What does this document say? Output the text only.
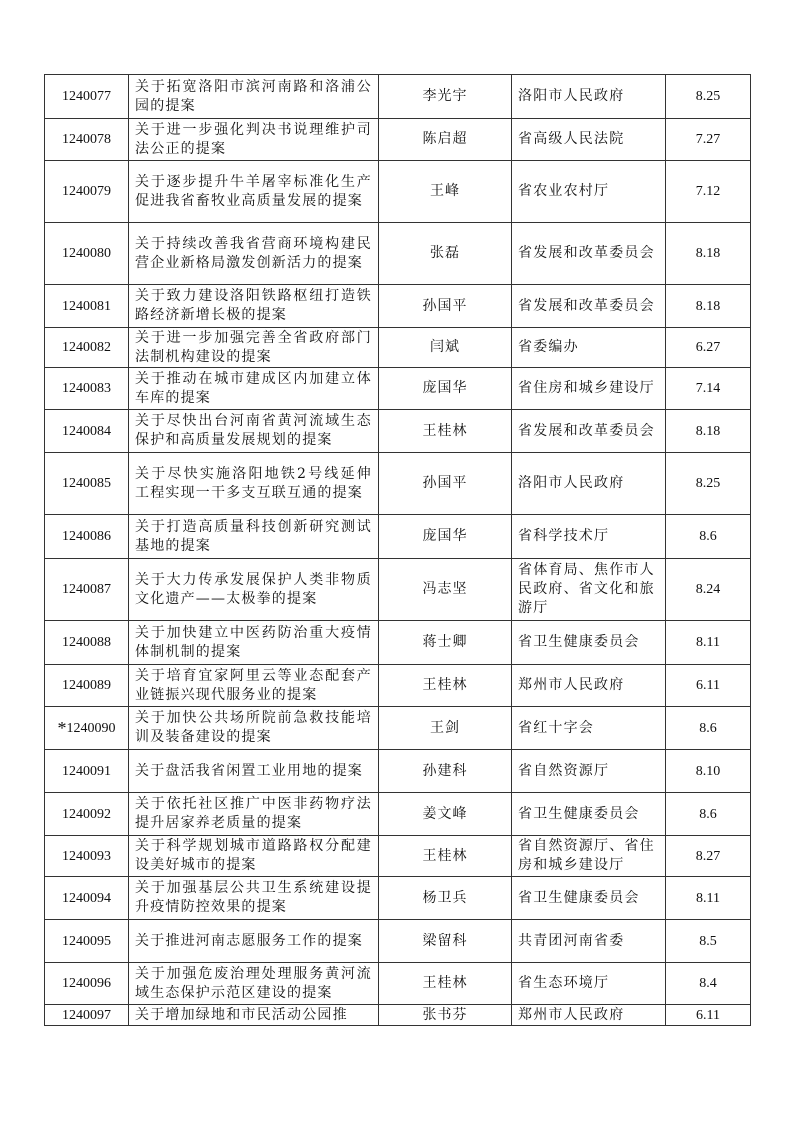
1240077	关于拓宽洛阳市滨河南路和洛浦公园的提案	李光宇	洛阳市人民政府	8.25
1240078	关于进一步强化判决书说理维护司法公正的提案	陈启超	省高级人民法院	7.27
1240079	关于逐步提升牛羊屠宰标准化生产促进我省畜牧业高质量发展的提案	王峰	省农业农村厅	7.12
1240080	关于持续改善我省营商环境构建民营企业新格局激发创新活力的提案	张磊	省发展和改革委员会	8.18
1240081	关于致力建设洛阳铁路枢纽打造铁路经济新增长极的提案	孙国平	省发展和改革委员会	8.18
1240082	关于进一步加强完善全省政府部门法制机构建设的提案	闫斌	省委编办	6.27
1240083	关于推动在城市建成区内加建立体车库的提案	庞国华	省住房和城乡建设厅	7.14
1240084	关于尽快出台河南省黄河流域生态保护和高质量发展规划的提案	王桂林	省发展和改革委员会	8.18
1240085	关于尽快实施洛阳地铁2号线延伸工程实现一干多支互联互通的提案	孙国平	洛阳市人民政府	8.25
1240086	关于打造高质量科技创新研究测试基地的提案	庞国华	省科学技术厅	8.6
1240087	关于大力传承发展保护人类非物质文化遗产——太极拳的提案	冯志坚	省体育局、焦作市人民政府、省文化和旅游厅	8.24
1240088	关于加快建立中医药防治重大疫情体制机制的提案	蒋士卿	省卫生健康委员会	8.11
1240089	关于培育宜家阿里云等业态配套产业链振兴现代服务业的提案	王桂林	郑州市人民政府	6.11
*1240090	关于加快公共场所院前急救技能培训及装备建设的提案	王剑	省红十字会	8.6
1240091	关于盘活我省闲置工业用地的提案	孙建科	省自然资源厅	8.10
1240092	关于依托社区推广中医非药物疗法提升居家养老质量的提案	姜文峰	省卫生健康委员会	8.6
1240093	关于科学规划城市道路路权分配建设美好城市的提案	王桂林	省自然资源厅、省住房和城乡建设厅	8.27
1240094	关于加强基层公共卫生系统建设提升疫情防控效果的提案	杨卫兵	省卫生健康委员会	8.11
1240095	关于推进河南志愿服务工作的提案	梁留科	共青团河南省委	8.5
1240096	关于加强危废治理处理服务黄河流域生态保护示范区建设的提案	王桂林	省生态环境厅	8.4
1240097	关于增加绿地和市民活动公园推	张书芬	郑州市人民政府	6.11
